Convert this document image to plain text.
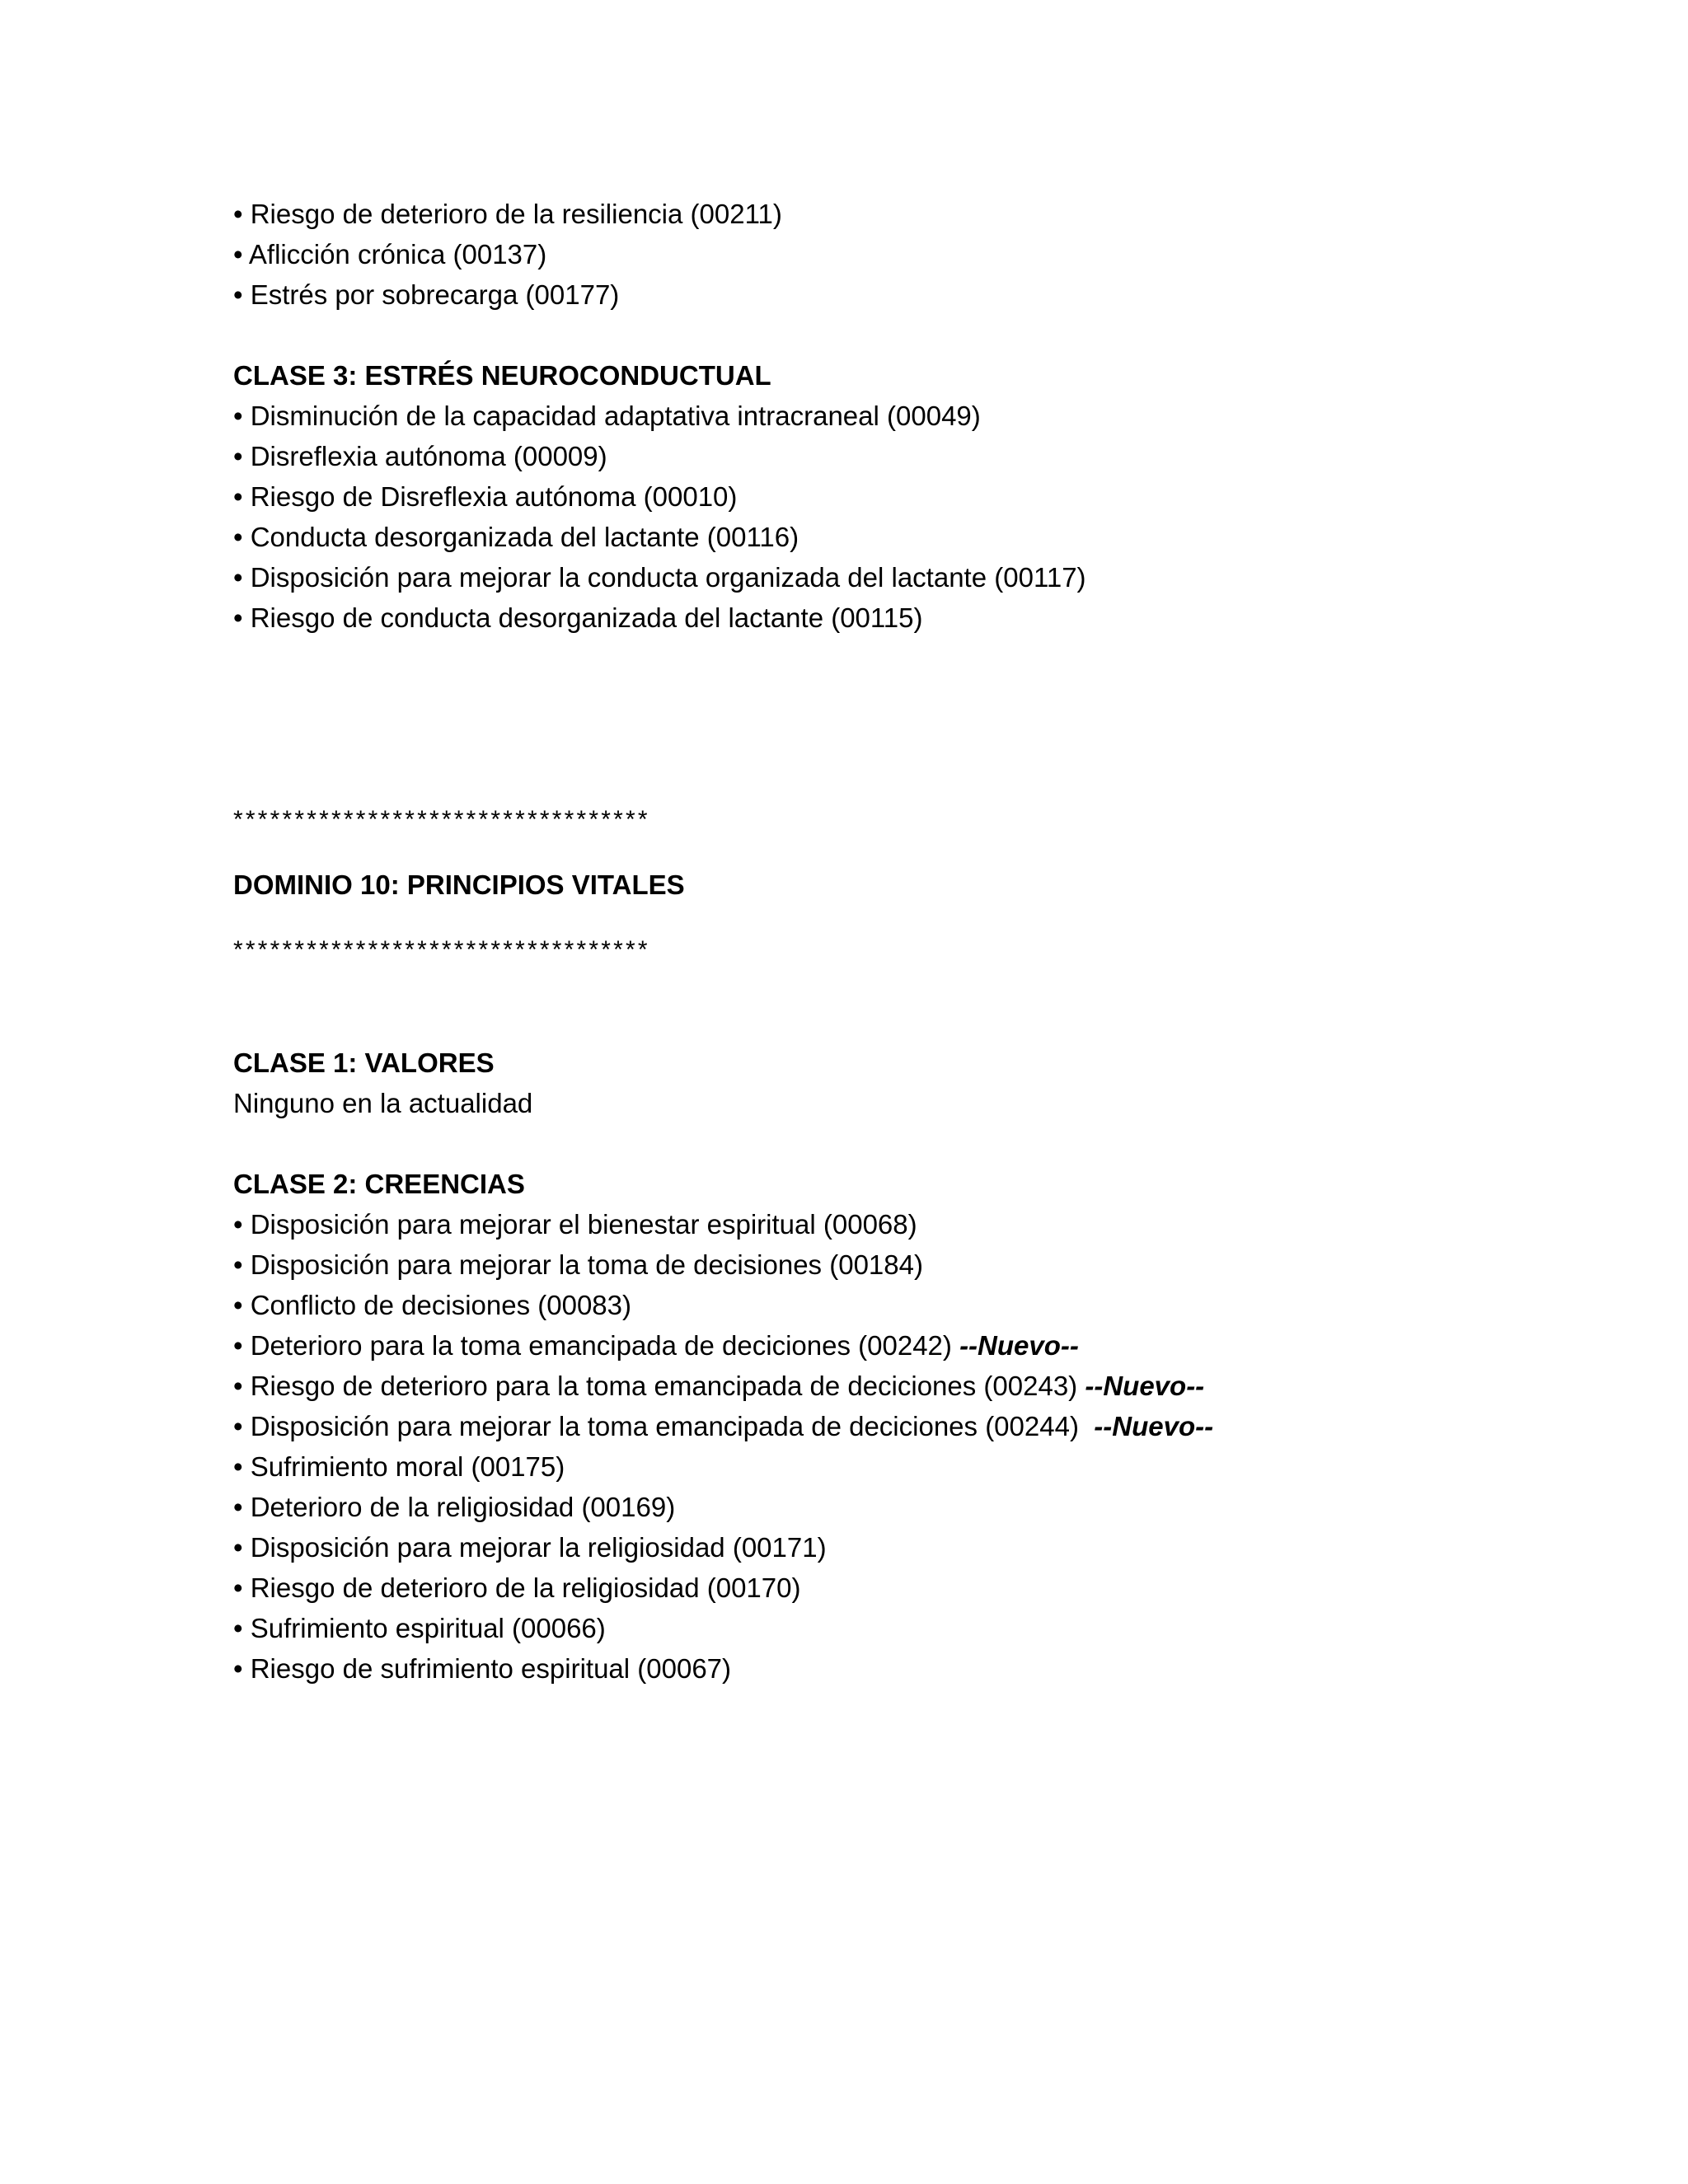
• Riesgo de deterioro de la resiliencia (00211)
• Aflicción crónica (00137)
• Estrés por sobrecarga (00177)
CLASE 3: ESTRÉS NEUROCONDUCTUAL
• Disminución de la capacidad adaptativa intracraneal (00049)
• Disreflexia autónoma (00009)
• Riesgo de Disreflexia autónoma (00010)
• Conducta desorganizada del lactante (00116)
• Disposición para mejorar la conducta organizada del lactante (00117)
• Riesgo de conducta desorganizada del lactante (00115)
**********************************
DOMINIO 10: PRINCIPIOS VITALES
**********************************
CLASE 1: VALORES
Ninguno en la actualidad
CLASE 2: CREENCIAS
• Disposición para mejorar el bienestar espiritual (00068)
• Disposición para mejorar la toma de decisiones (00184)
• Conflicto de decisiones (00083)
• Deterioro para la toma emancipada de deciciones (00242) --Nuevo--
• Riesgo de deterioro para la toma emancipada de deciciones (00243) --Nuevo--
• Disposición para mejorar la toma emancipada de deciciones (00244)  --Nuevo--
• Sufrimiento moral (00175)
• Deterioro de la religiosidad (00169)
• Disposición para mejorar la religiosidad (00171)
• Riesgo de deterioro de la religiosidad (00170)
• Sufrimiento espiritual (00066)
• Riesgo de sufrimiento espiritual (00067)
